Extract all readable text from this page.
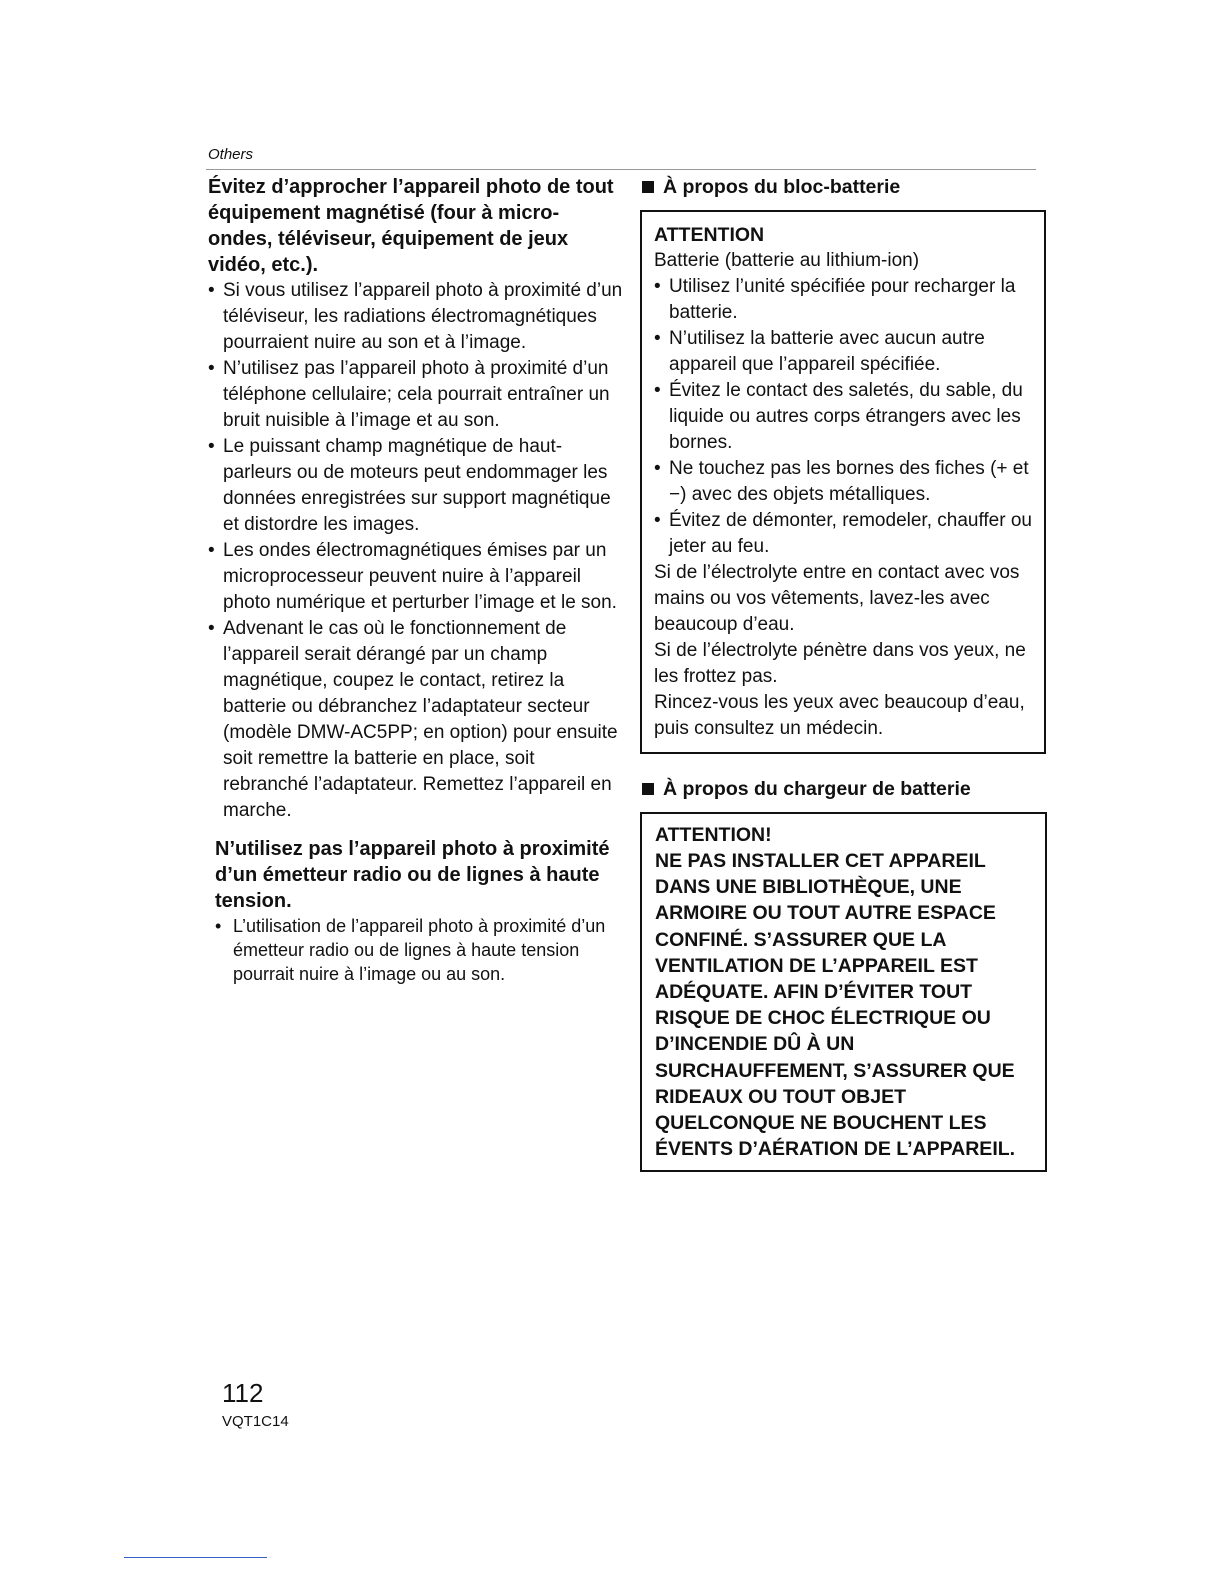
Others

Évitez d’approcher l’appareil photo de tout équipement magnétisé (four à micro-ondes, téléviseur, équipement de jeux vidéo, etc.).

• Si vous utilisez l’appareil photo à proximité d’un téléviseur, les radiations électromagnétiques pourraient nuire au son et à l’image.
• N’utilisez pas l’appareil photo à proximité d’un téléphone cellulaire; cela pourrait entraîner un bruit nuisible à l’image et au son.
• Le puissant champ magnétique de haut-parleurs ou de moteurs peut endommager les données enregistrées sur support magnétique et distordre les images.
• Les ondes électromagnétiques émises par un microprocesseur peuvent nuire à l’appareil photo numérique et perturber l’image et le son.
• Advenant le cas où le fonctionnement de l’appareil serait dérangé par un champ magnétique, coupez le contact, retirez la batterie ou débranchez l’adaptateur secteur (modèle DMW-AC5PP; en option) pour ensuite soit remettre la batterie en place, soit rebranché l’adaptateur. Remettez l’appareil en marche.

N’utilisez pas l’appareil photo à proximité d’un émetteur radio ou de lignes à haute tension.

• L’utilisation de l’appareil photo à proximité d’un émetteur radio ou de lignes à haute tension pourrait nuire à l’image ou au son.
À propos du bloc-batterie
ATTENTION

Batterie (batterie au lithium-ion)

• Utilisez l’unité spécifiée pour recharger la batterie.
• N’utilisez la batterie avec aucun autre appareil que l’appareil spécifiée.
• Évitez le contact des saletés, du sable, du liquide ou autres corps étrangers avec les bornes.
• Ne touchez pas les bornes des fiches (+ et −) avec des objets métalliques.
• Évitez de démonter, remodeler, chauffer ou jeter au feu.

Si de l’électrolyte entre en contact avec vos mains ou vos vêtements, lavez-les avec beaucoup d’eau.

Si de l’électrolyte pénètre dans vos yeux, ne les frottez pas.

Rincez-vous les yeux avec beaucoup d’eau, puis consultez un médecin.

À propos du chargeur de batterie
ATTENTION!

NE PAS INSTALLER CET APPAREIL DANS UNE BIBLIOTHÈQUE, UNE ARMOIRE OU TOUT AUTRE ESPACE CONFINÉ. S’ASSURER QUE LA VENTILATION DE L’APPAREIL EST ADÉQUATE. AFIN D’ÉVITER TOUT RISQUE DE CHOC ÉLECTRIQUE OU D’INCENDIE DÛ À UN SURCHAUFFEMENT, S’ASSURER QUE RIDEAUX OU TOUT OBJET QUELCONQUE NE BOUCHENT LES ÉVENTS D’AÉRATION DE L’APPAREIL.

112
VQT1C14
